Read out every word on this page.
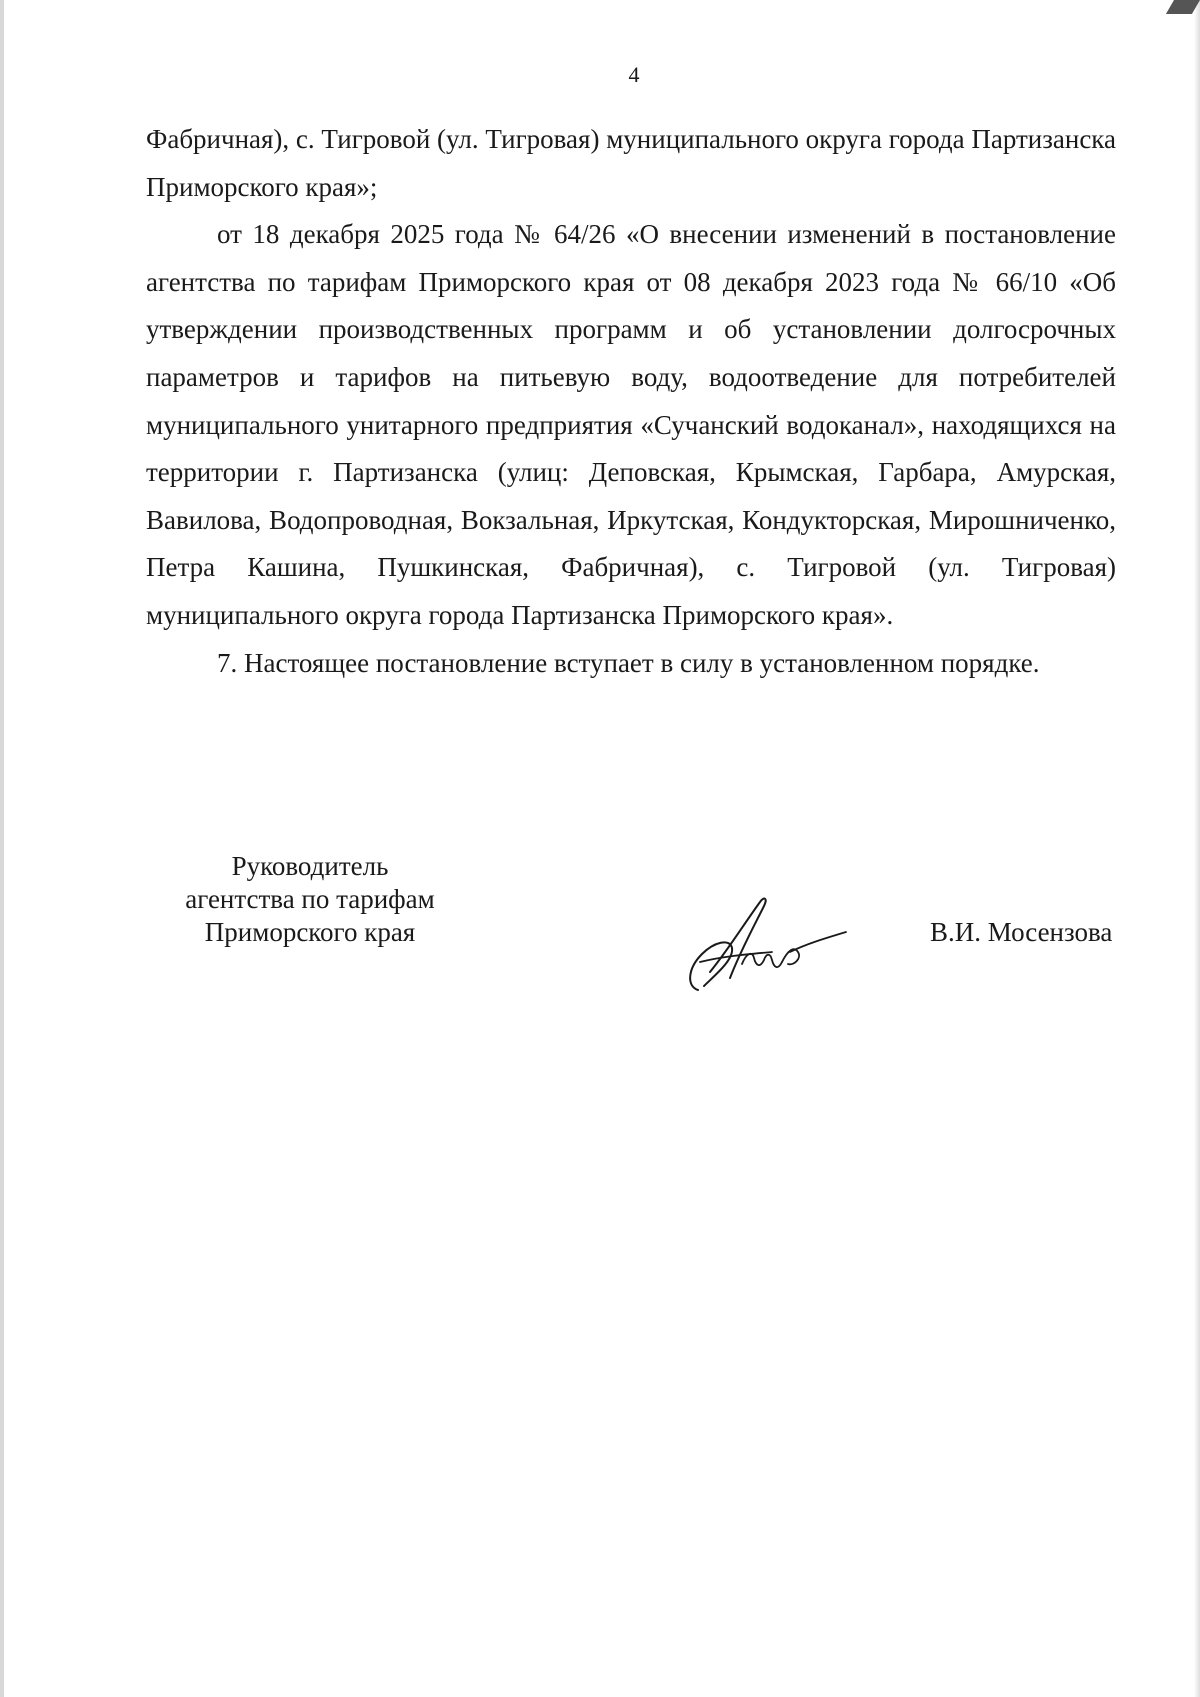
4

Фабричная), с. Тигровой (ул. Тигровая) муниципального округа города Партизанска Приморского края»;

от 18 декабря 2025 года № 64/26 «О внесении изменений в постановление агентства по тарифам Приморского края от 08 декабря 2023 года № 66/10 «Об утверждении производственных программ и об установлении долгосрочных параметров и тарифов на питьевую воду, водоотведение для потребителей муниципального унитарного предприятия «Сучанский водоканал», находящихся на территории г. Партизанска (улиц: Деповская, Крымская, Гарбара, Амурская, Вавилова, Водопроводная, Вокзальная, Иркутская, Кондукторская, Мирошниченко, Петра Кашина, Пушкинская, Фабричная), с. Тигровой (ул. Тигровая) муниципального округа города Партизанска Приморского края».

7. Настоящее постановление вступает в силу в установленном порядке.

Руководитель
агентства по тарифам
Приморского края	В.И. Мосензова
